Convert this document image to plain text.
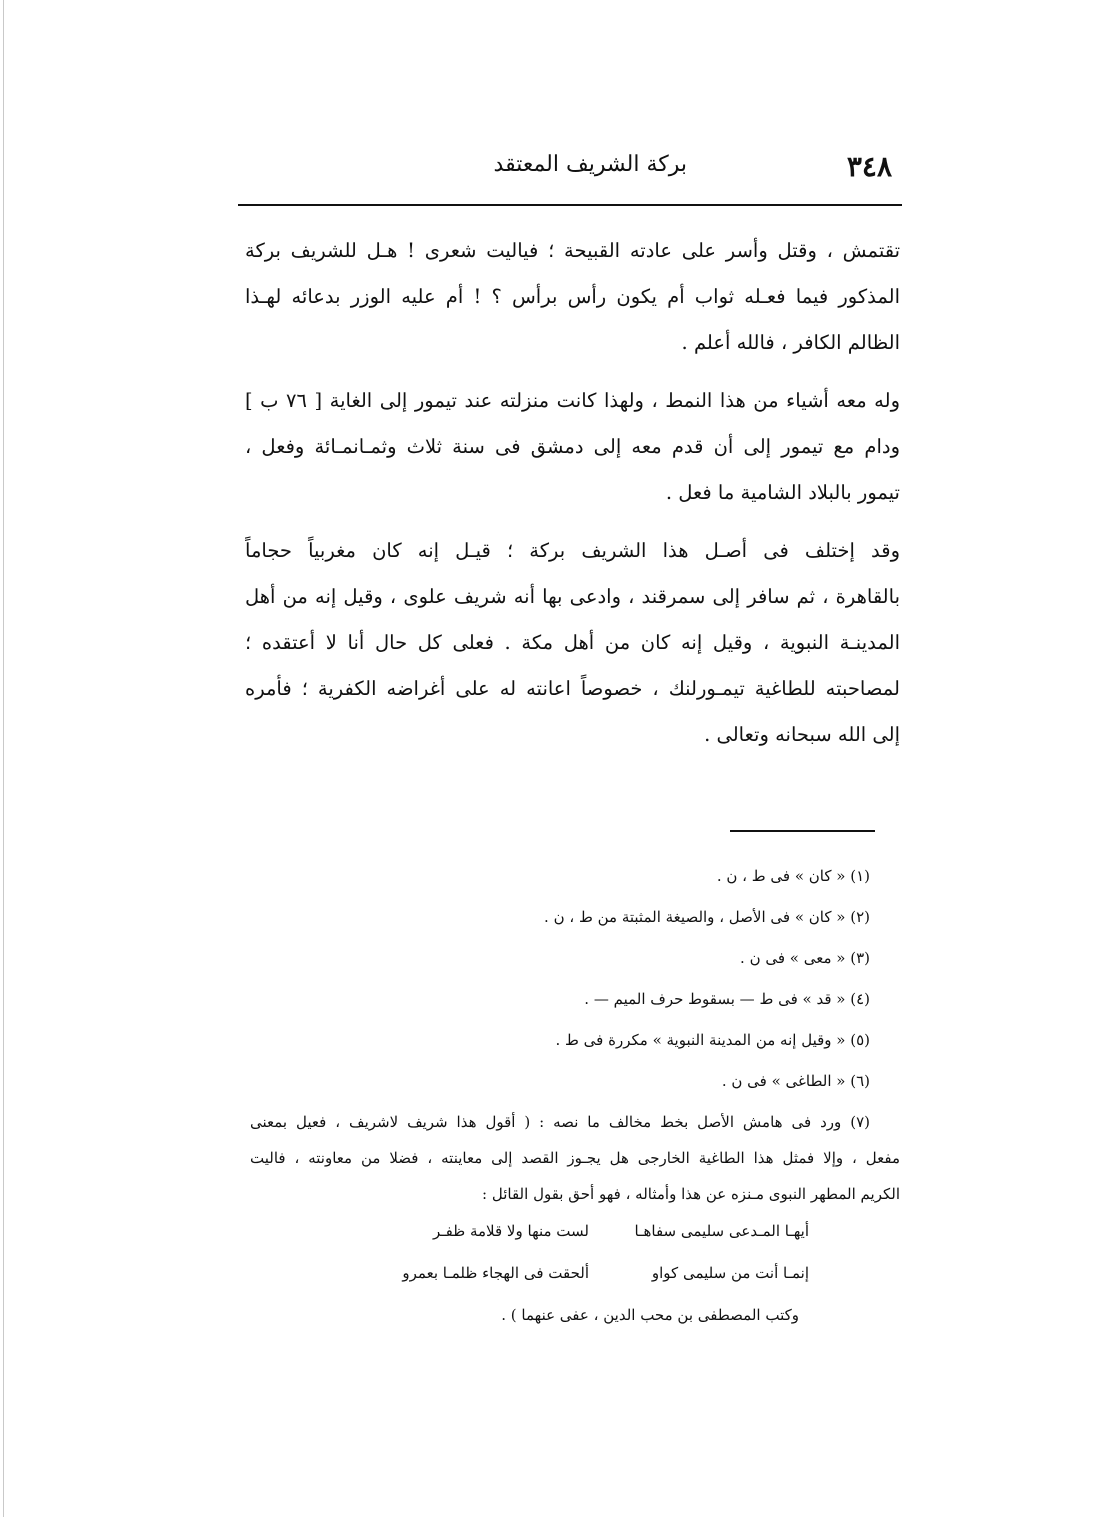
٣٤٨
بركة الشريف المعتقد
تقتمش ، وقتل وأسر على عادته القبيحة ؛ فياليت شعرى ! هـل للشريف بركة
المذكور فيما فعـله ثواب أم يكون رأس برأس ؟ ! أم عليه الوزر بدعائه لهـذا
الظالم الكافر ، فالله أعلم .
وله معه أشياء من هذا النمط ، ولهذا كانت منزلته عند تيمور إلى الغاية [ ٧٦ ب ]
ودام مع تيمور إلى أن قدم معه إلى دمشق فى سنة ثلاث وثمـانمـائة وفعل ،
تيمور بالبلاد الشامية ما فعل .
وقد إختلف فى أصـل هذا الشريف بركة ؛ قيـل إنه كان مغربياً حجاماً
بالقاهرة ، ثم سافر إلى سمرقند ، وادعى بها أنه شريف علوى ، وقيل إنه من أهل
المدينـة النبوية ، وقيل إنه كان من أهل مكة . فعلى كل حال أنا لا أعتقده ؛
لمصاحبته للطاغية تيمـورلنك ، خصوصاً اعانته له على أغراضه الكفرية ؛ فأمره
إلى الله سبحانه وتعالى .
(١) « كان » فى ط ، ن .
(٢) « كان » فى الأصل ، والصيغة المثبتة من ط ، ن .
(٣) « معى » فى ن .
(٤) « قد » فى ط — بسقوط حرف الميم — .
(٥) « وقيل إنه من المدينة النبوية » مكررة فى ط .
(٦) « الطاغى » فى ن .
(٧) ورد فى هامش الأصل بخط مخالف ما نصه : ( أقول هذا شريف لاشريف ، فعيل بمعنى
مفعل ، وإلا فمثل هذا الطاغية الخارجى هل يجـوز القصد إلى معاينته ، فضلا من معاونته ، فاليت
الكريم المطهر النبوى مـنزه عن هذا وأمثاله ، فهو أحق بقول القائل :
أيهـا المـدعى سليمى سفاهـا
لست منها ولا قلامة ظفـر
إنمـا أنت من سليمى كواو
ألحقت فى الهجاء ظلمـا بعمرو
وكتب المصطفى بن محب الدين ، عفى عنهما ) .
